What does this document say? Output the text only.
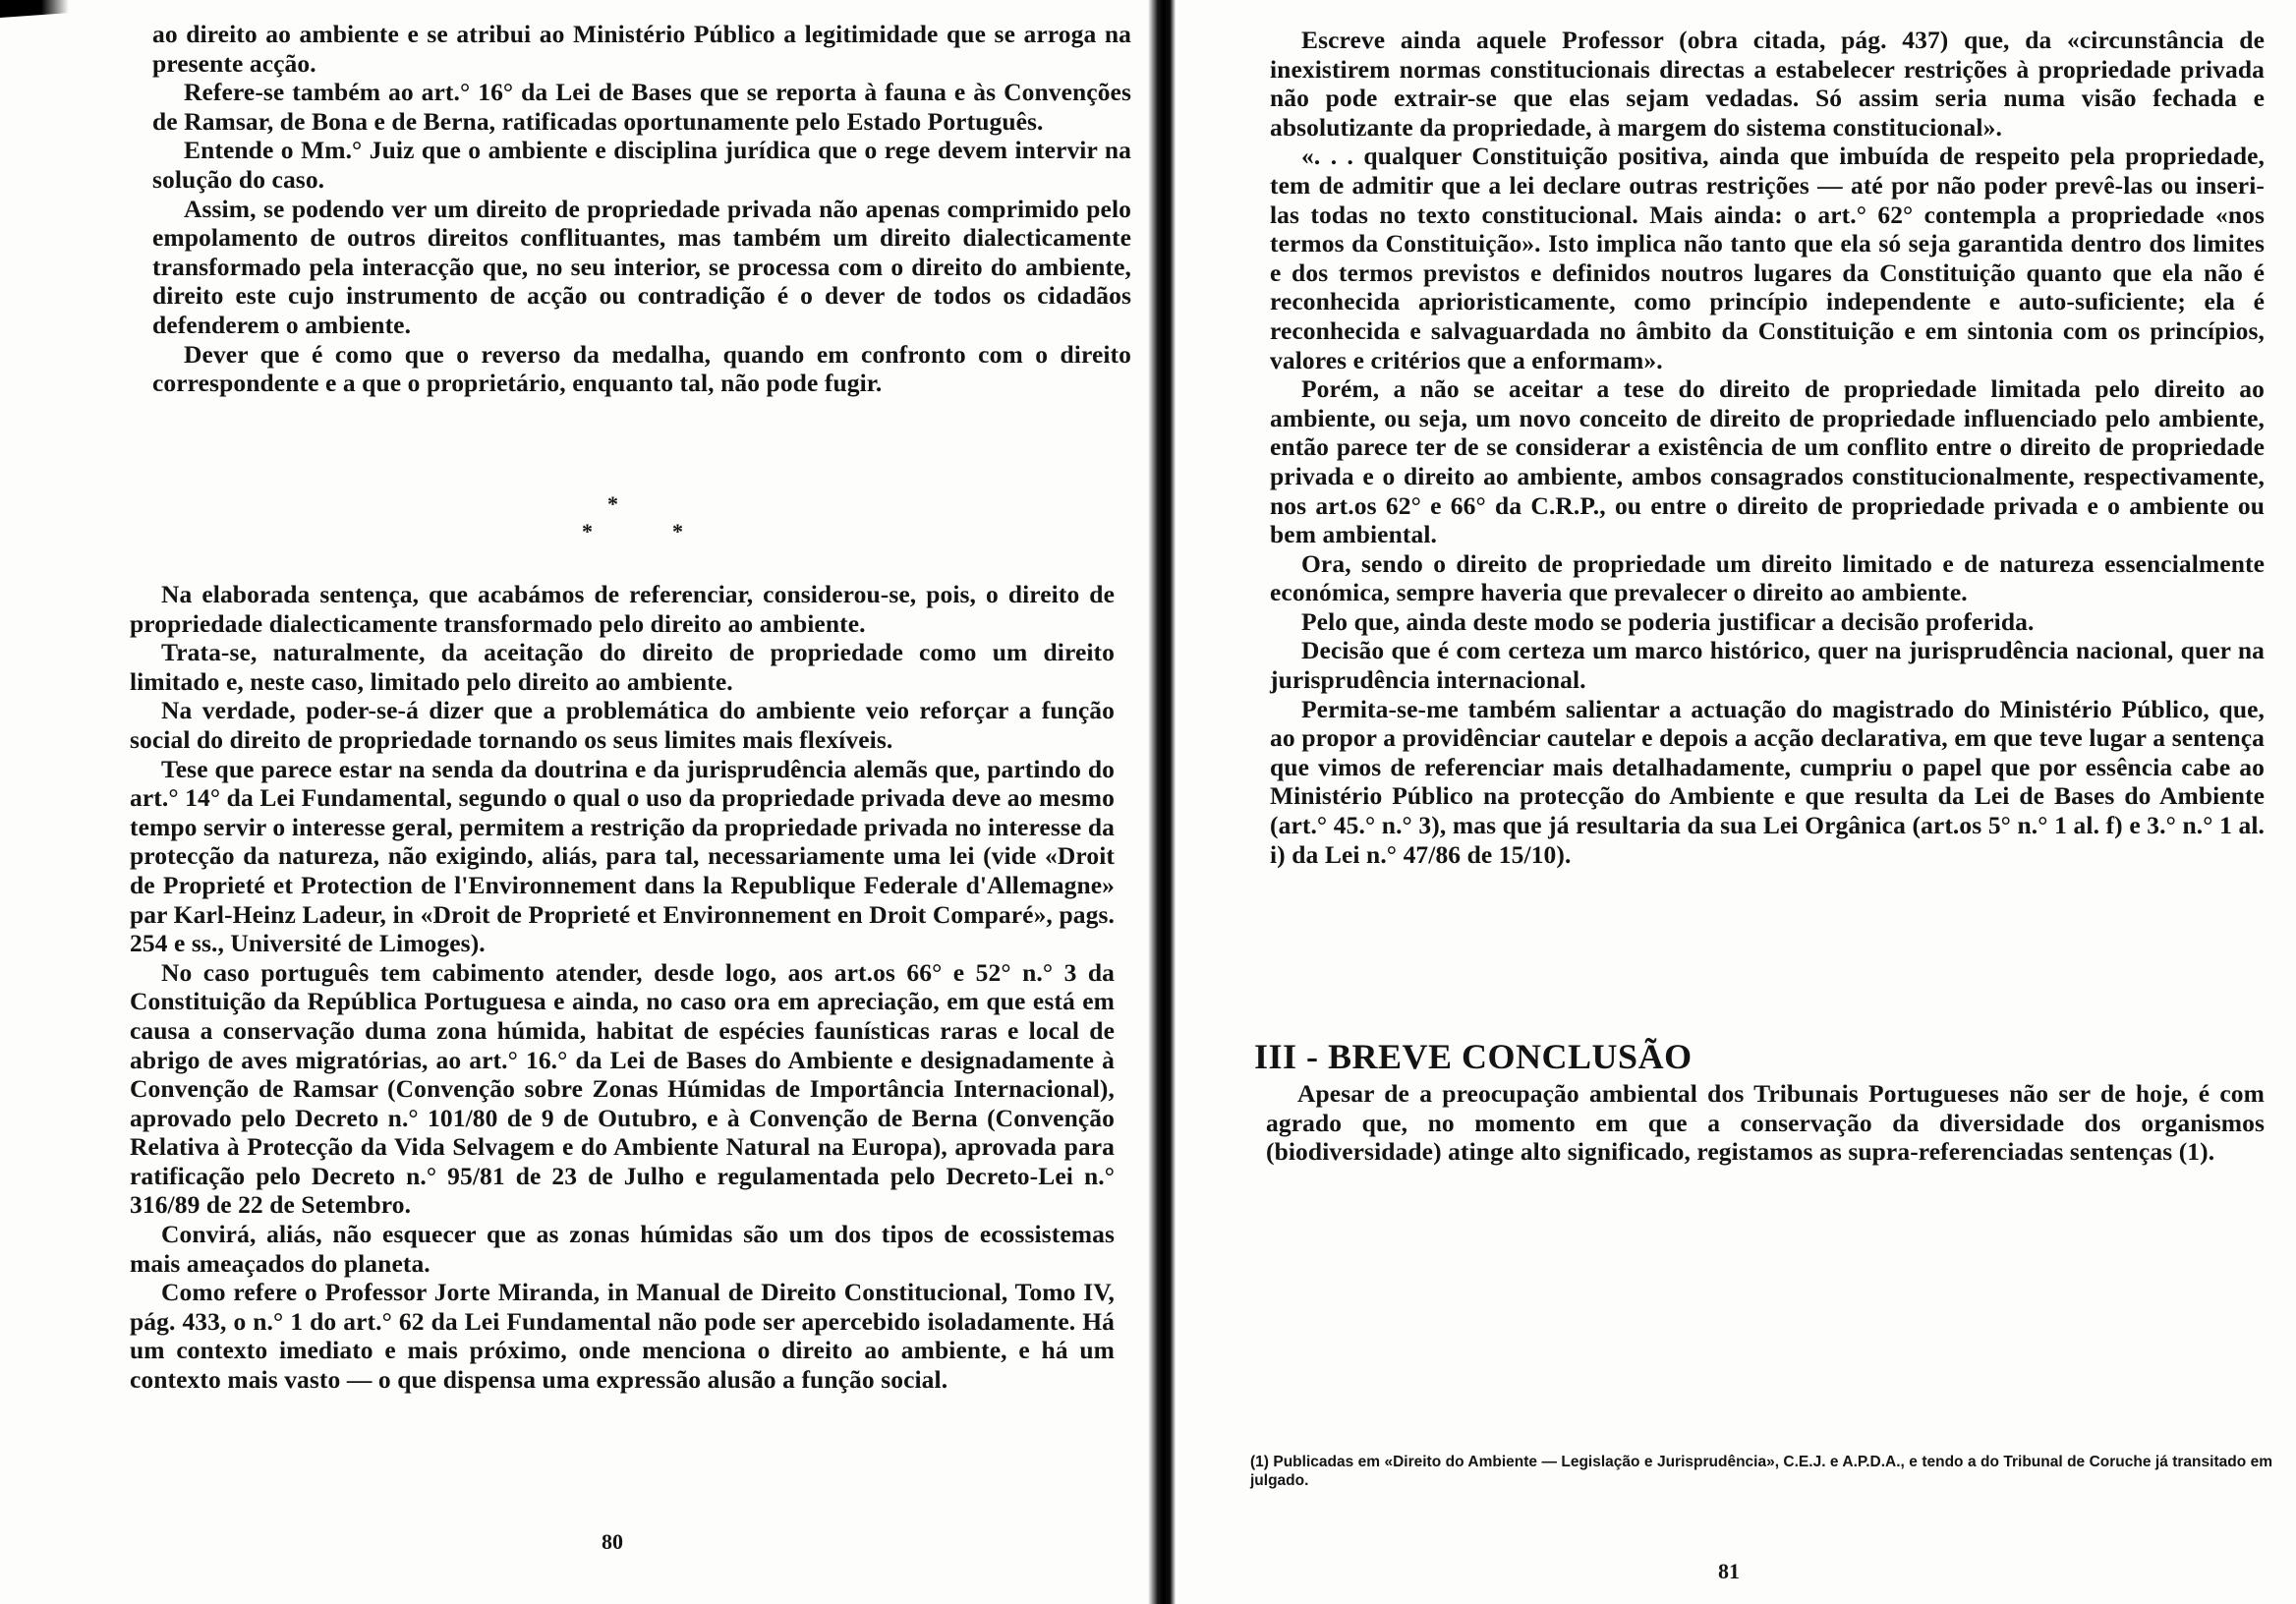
ao direito ao ambiente e se atribui ao Ministério Público a legitimidade que se arroga na presente acção.

Refere-se também ao art.° 16° da Lei de Bases que se reporta à fauna e às Convenções de Ramsar, de Bona e de Berna, ratificadas oportunamente pelo Estado Português.

Entende o Mm.° Juiz que o ambiente e disciplina jurídica que o rege devem intervir na solução do caso.

Assim, se podendo ver um direito de propriedade privada não apenas comprimido pelo empolamento de outros direitos conflituantes, mas também um direito dialecticamente transformado pela interacção que, no seu interior, se processa com o direito do ambiente, direito este cujo instrumento de acção ou contradição é o dever de todos os cidadãos defenderem o ambiente.

Dever que é como que o reverso da medalha, quando em confronto com o direito correspondente e a que o proprietário, enquanto tal, não pode fugir.

*
*	*

Na elaborada sentença, que acabámos de referenciar, considerou-se, pois, o direito de propriedade dialecticamente transformado pelo direito ao ambiente.

Trata-se, naturalmente, da aceitação do direito de propriedade como um direito limitado e, neste caso, limitado pelo direito ao ambiente.

Na verdade, poder-se-á dizer que a problemática do ambiente veio reforçar a função social do direito de propriedade tornando os seus limites mais flexíveis.

Tese que parece estar na senda da doutrina e da jurisprudência alemãs que, partindo do art.° 14° da Lei Fundamental, segundo o qual o uso da propriedade privada deve ao mesmo tempo servir o interesse geral, permitem a restrição da propriedade privada no interesse da protecção da natureza, não exigindo, aliás, para tal, necessariamente uma lei (vide «Droit de Proprieté et Protection de l'Environnement dans la Republique Federale d'Allemagne» par Karl-Heinz Ladeur, in «Droit de Proprieté et Environnement en Droit Comparé», pags. 254 e ss., Université de Limoges).

No caso português tem cabimento atender, desde logo, aos art.os 66° e 52° n.° 3 da Constituição da República Portuguesa e ainda, no caso ora em apreciação, em que está em causa a conservação duma zona húmida, habitat de espécies faunísticas raras e local de abrigo de aves migratórias, ao art.° 16.° da Lei de Bases do Ambiente e designadamente à Convenção de Ramsar (Convenção sobre Zonas Húmidas de Importância Internacional), aprovado pelo Decreto n.° 101/80 de 9 de Outubro, e à Convenção de Berna (Convenção Relativa à Protecção da Vida Selvagem e do Ambiente Natural na Europa), aprovada para ratificação pelo Decreto n.° 95/81 de 23 de Julho e regulamentada pelo Decreto-Lei n.° 316/89 de 22 de Setembro.

Convirá, aliás, não esquecer que as zonas húmidas são um dos tipos de ecossistemas mais ameaçados do planeta.

Como refere o Professor Jorte Miranda, in Manual de Direito Constitucional, Tomo IV, pág. 433, o n.° 1 do art.° 62 da Lei Fundamental não pode ser apercebido isoladamente. Há um contexto imediato e mais próximo, onde menciona o direito ao ambiente, e há um contexto mais vasto — o que dispensa uma expressão alusão a função social.

80

Escreve ainda aquele Professor (obra citada, pág. 437) que, da «circunstância de inexistirem normas constitucionais directas a estabelecer restrições à propriedade privada não pode extrair-se que elas sejam vedadas. Só assim seria numa visão fechada e absolutizante da propriedade, à margem do sistema constitucional».

«. . . qualquer Constituição positiva, ainda que imbuída de respeito pela propriedade, tem de admitir que a lei declare outras restrições — até por não poder prevê-las ou inseri-las todas no texto constitucional. Mais ainda: o art.° 62° contempla a propriedade «nos termos da Constituição». Isto implica não tanto que ela só seja garantida dentro dos limites e dos termos previstos e definidos noutros lugares da Constituição quanto que ela não é reconhecida aprioristicamente, como princípio independente e auto-suficiente; ela é reconhecida e salvaguardada no âmbito da Constituição e em sintonia com os princípios, valores e critérios que a enformam».

Porém, a não se aceitar a tese do direito de propriedade limitada pelo direito ao ambiente, ou seja, um novo conceito de direito de propriedade influenciado pelo ambiente, então parece ter de se considerar a existência de um conflito entre o direito de propriedade privada e o direito ao ambiente, ambos consagrados constitucionalmente, respectivamente, nos art.os 62° e 66° da C.R.P., ou entre o direito de propriedade privada e o ambiente ou bem ambiental.

Ora, sendo o direito de propriedade um direito limitado e de natureza essencialmente económica, sempre haveria que prevalecer o direito ao ambiente.

Pelo que, ainda deste modo se poderia justificar a decisão proferida.

Decisão que é com certeza um marco histórico, quer na jurisprudência nacional, quer na jurisprudência internacional.

Permita-se-me também salientar a actuação do magistrado do Ministério Público, que, ao propor a providênciar cautelar e depois a acção declarativa, em que teve lugar a sentença que vimos de referenciar mais detalhadamente, cumpriu o papel que por essência cabe ao Ministério Público na protecção do Ambiente e que resulta da Lei de Bases do Ambiente (art.° 45.° n.° 3), mas que já resultaria da sua Lei Orgânica (art.os 5° n.° 1 al. f) e 3.° n.° 1 al. i) da Lei n.° 47/86 de 15/10).

III - BREVE CONCLUSÃO

Apesar de a preocupação ambiental dos Tribunais Portugueses não ser de hoje, é com agrado que, no momento em que a conservação da diversidade dos organismos (biodiversidade) atinge alto significado, registamos as supra-referenciadas sentenças (1).

(1) Publicadas em «Direito do Ambiente — Legislação e Jurisprudência», C.E.J. e A.P.D.A., e tendo a do Tribunal de Coruche já transitado em julgado.
81
